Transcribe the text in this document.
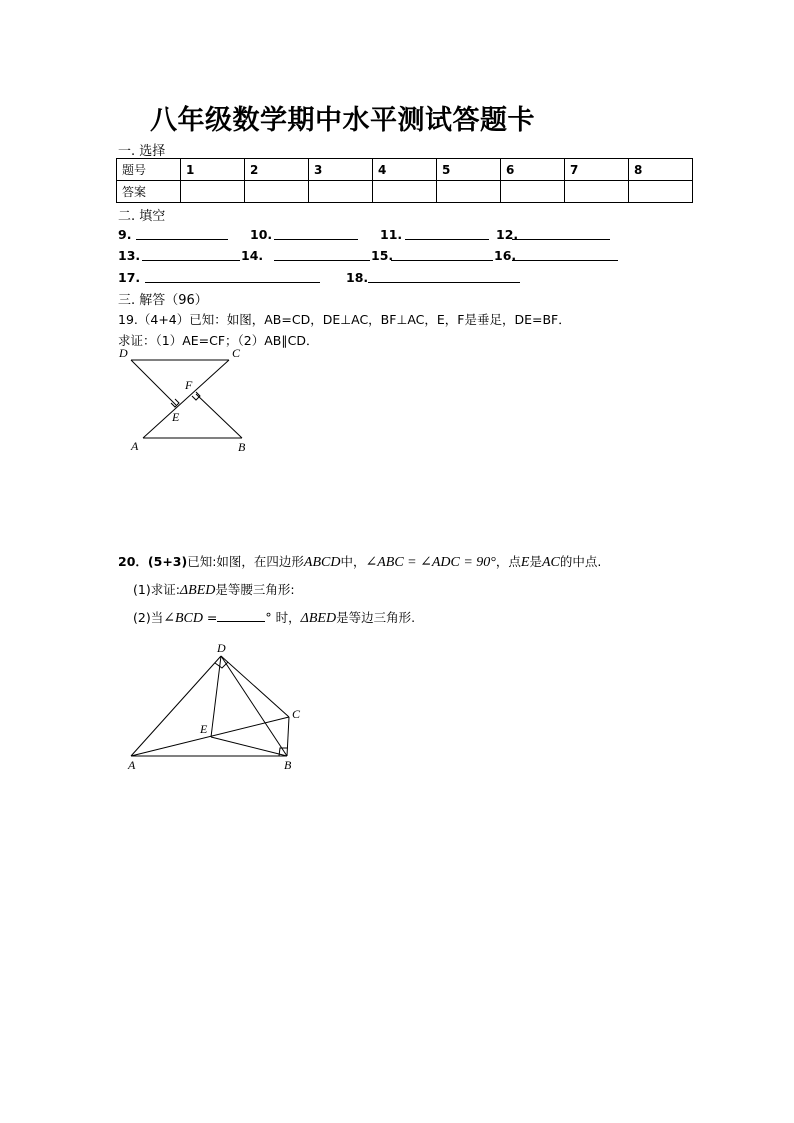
八年级数学期中水平测试答题卡
一. 选择
题号	1	2	3	4	5	6	7	8
答案								
二. 填空
9.	10.	11.	12.
13.	14.	15.	16.
17.	18.
三. 解答（96）
19.（4+4）已知：如图，AB=CD，DE⊥AC，BF⊥AC，E，F是垂足，DE=BF．
求证：（1）AE=CF；（2）AB∥CD．
20．(5+3)已知:如图，在四边形ABCD中，∠ABC = ∠ADC = 90°，点E是AC的中点.
(1)求证:ΔBED是等腰三角形:
(2)当∠BCD =	° 时，ΔBED是等边三角形.
D	C
F
E
A	B
D
C
E
A	B
